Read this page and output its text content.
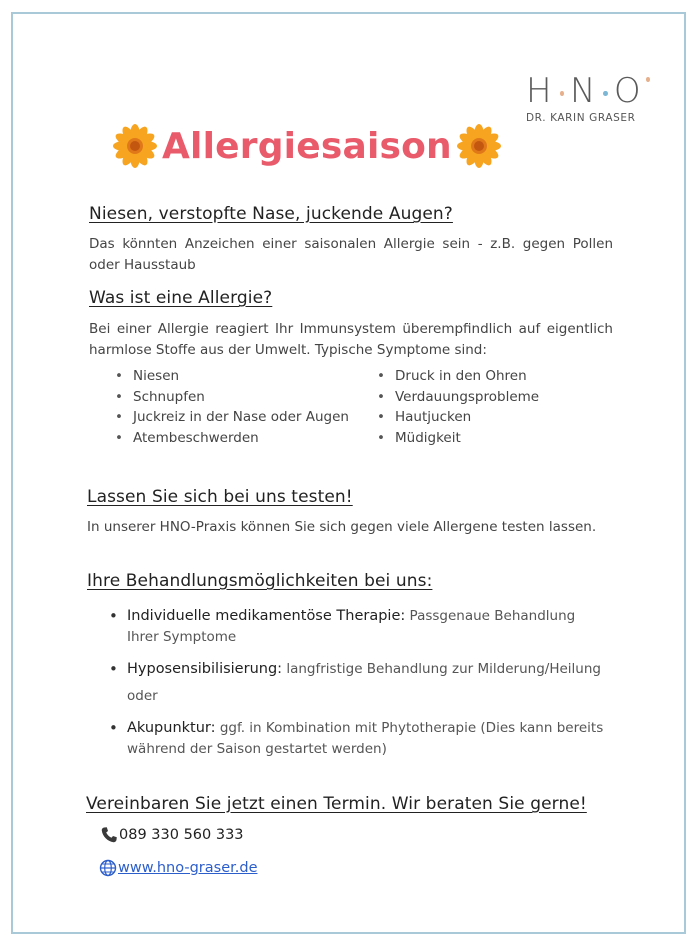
H N O
DR. KARIN GRASER
Allergiesaison
Niesen, verstopfte Nase, juckende Augen?

Das könnten Anzeichen einer saisonalen Allergie sein - z.B. gegen Pollen oder Hausstaub

Was ist eine Allergie?

Bei einer Allergie reagiert Ihr Immunsystem überempfindlich auf eigentlich harmlose Stoffe aus der Umwelt. Typische Symptome sind:

• Niesen
• Schnupfen
• Juckreiz in der Nase oder Augen
• Atembeschwerden
• Druck in den Ohren
• Verdauungsprobleme
• Hautjucken
• Müdigkeit
Lassen Sie sich bei uns testen!

In unserer HNO-Praxis können Sie sich gegen viele Allergene testen lassen.

Ihre Behandlungsmöglichkeiten bei uns:
• Individuelle medikamentöse Therapie: Passgenaue Behandlung Ihrer Symptome
• Hyposensibilisierung: langfristige Behandlung zur Milderung/Heilung
oder
• Akupunktur: ggf. in Kombination mit Phytotherapie (Dies kann bereits während der Saison gestartet werden)
Vereinbaren Sie jetzt einen Termin. Wir beraten Sie gerne!
089 330 560 333
www.hno-graser.de
